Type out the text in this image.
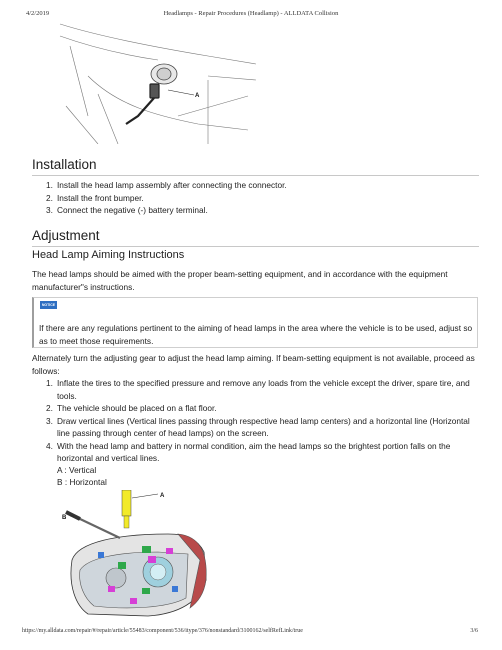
4/2/2019	Headlamps - Repair Procedures (Headlamp) - ALLDATA Collision
A
Installation
1. Install the head lamp assembly after connecting the connector.
2. Install the front bumper.
3. Connect the negative (-) battery terminal.
Adjustment
Head Lamp Aiming Instructions
The head lamps should be aimed with the proper beam-setting equipment, and in accordance with the equipment manufacturer"s instructions.
NOTICE
If there are any regulations pertinent to the aiming of head lamps in the area where the vehicle is to be used, adjust so as to meet those requirements.
Alternately turn the adjusting gear to adjust the head lamp aiming. If beam-setting equipment is not available, proceed as follows:
1. Inflate the tires to the specified pressure and remove any loads from the vehicle except the driver, spare tire, and tools.
2. The vehicle should be placed on a flat floor.
3. Draw vertical lines (Vertical lines passing through respective head lamp centers) and a horizontal line (Horizontal line passing through center of head lamps) on the screen.
4. With the head lamp and battery in normal condition, aim the head lamps so the brightest portion falls on the horizontal and vertical lines.
A : Vertical
B : Horizontal
A
B
https://my.alldata.com/repair/#/repair/article/55483/component/536/itype/376/nonstandard/3100162/selfRefLink/true	3/6
